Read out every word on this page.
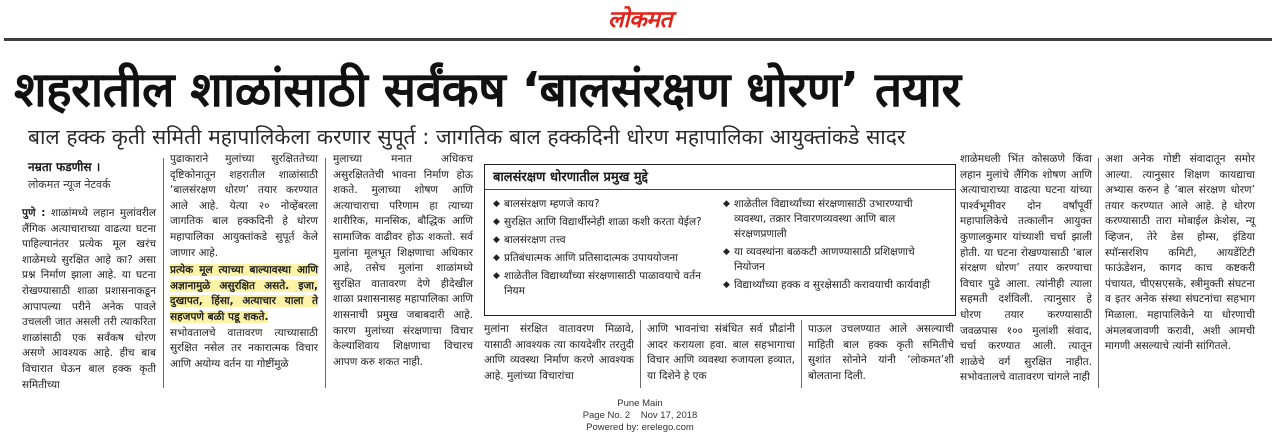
लोकमत
शहरातील शाळांसाठी सर्वंकष ‘बालसंरक्षण धोरण’ तयार
बाल हक्क कृती समिती महापालिकेला करणार सुपूर्त : जागतिक बाल हक्कदिनी धोरण महापालिका आयुक्तांकडे सादर
नम्रता फडणीस ।
लोकमत न्यूज नेटवर्क

पुणे : शाळांमध्ये लहान मुलांवरील लैंगिक अत्याचाराच्या वाढत्या घटना पाहिल्यानंतर प्रत्येक मूल खरंच शाळेमध्ये सुरक्षित आहे का? असा प्रश्न निर्माण झाला आहे. या घटना रोखण्यासाठी शाळा प्रशासनाकडून आपापल्या परीने अनेक पावले उचलली जात असली तरी त्याकरिता शाळांसाठी एक सर्वंकष धोरण असणे आवश्यक आहे. हीच बाब विचारात घेऊन बाल हक्क कृती समितीच्या

पुढाकाराने मुलांच्या सुरक्षिततेच्या दृष्टिकोनातून शहरातील शाळांसाठी ‘बालसंरक्षण धोरण’ तयार करण्यात आले आहे. येत्या २० नोव्हेंबरला जागतिक बाल हक्कदिनी हे धोरण महापालिका आयुक्तांकडे सुपूर्त केले जाणार आहे.

प्रत्येक मूल त्याच्या बाल्यावस्था आणि अज्ञानामुळे असुरक्षित असते. इजा, दुखापत, हिंसा, अत्याचार याला ते सहजपणे बळी पडू शकते.

सभोवतालचे वातावरण त्याच्यासाठी सुरक्षित नसेल तर नकारात्मक विचार आणि अयोग्य वर्तन या गोष्टींमुळे

मुलाच्या मनात अधिकच असुरक्षिततेची भावना निर्माण होऊ शकते. मुलाच्या शोषण आणि अत्याचाराचा परिणाम हा त्याच्या शारीरिक, मानसिक, बौद्धिक आणि सामाजिक वाढीवर होऊ शकतो. सर्व मुलांना मूलभूत शिक्षणाचा अधिकार आहे, तसेच मुलांना शाळांमध्ये सुरक्षित वातावरण देणे हीदेखील शाळा प्रशासनासह महापालिका आणि शासनाची प्रमुख जबाबदारी आहे. कारण मुलांच्या संरक्षणाचा विचार केल्याशिवाय शिक्षणाचा विचारच आपण करु शकत नाही.

बालसंरक्षण धोरणातील प्रमुख मुद्दे
◆ बालसंरक्षण म्हणजे काय?
◆ सुरक्षित आणि विद्यार्थीस्नेही शाळा कशी करता येईल?
◆ बालसंरक्षण तत्त्व
◆ प्रतिबंधात्मक आणि प्रतिसादात्मक उपाययोजना
◆ शाळेतील विद्यार्थ्यांच्या संरक्षणासाठी पाळावयाचे वर्तन नियम
◆ शाळेतील विद्यार्थ्यांच्या संरक्षणासाठी उभारण्याची व्यवस्था, तक्रार निवारणव्यवस्था आणि बाल संरक्षणप्रणाली
◆ या व्यवस्थांना बळकटी आणण्यासाठी प्रशिक्षणाचे नियोजन
◆ विद्यार्थ्यांच्या हक्क व सुरक्षेसाठी करावयाची कार्यवाही

मुलांना संरक्षित वातावरण मिळावे, यासाठी आवश्यक त्या कायदेशीर तरतुदी आणि व्यवस्था निर्माण करणे आवश्यक आहे. मुलांच्या विचारांचा

आणि भावनांचा संबंधित सर्व प्रौढांनी आदर करायला हवा. बाल सहभागाचा विचार आणि व्यवस्था रुजायला हव्यात, या दिशेने हे एक

पाऊल उचलण्यात आले असल्याची माहिती बाल हक्क कृती समितीचे सुशांत सोनोने यांनी ‘लोकमत’शी बोलताना दिली.

शाळेमधली भिंत कोसळणे किंवा लहान मुलांचे लैंगिक शोषण आणि अत्याचाराच्या वाढत्या घटना यांच्या पार्श्वभूमीवर दोन वर्षांपूर्वी महापालिकेचे तत्कालीन आयुक्त कुणालकुमार यांच्याशी चर्चा झाली होती. या घटना रोखण्यासाठी ‘बाल संरक्षण धोरण’ तयार करण्याचा विचार पुढे आला. त्यांनीही त्याला सहमती दर्शविली. त्यानुसार हे धोरण तयार करण्यासाठी जवळपास १०० मुलांशी संवाद, चर्चा करण्यात आली. त्यातून शाळेचे वर्ग सुरक्षित नाहीत. सभोवतालचे वातावरण चांगले नाही

अशा अनेक गोष्टी संवादातून समोर आल्या. त्यानुसार शिक्षण कायद्याचा अभ्यास करुन हे ‘बाल संरक्षण धोरण’ तयार करण्यात आले आहे. हे धोरण करण्यासाठी तारा मोबाईल क्रेशेस, न्यू व्हिजन, तेरे डेस होम्स, इंडिया स्पॉन्सरशिप कमिटी, आयडेंटिटी फाऊंडेशन, कागद काच कष्टकरी पंचायत, चीएसएसके, स्त्रीमुक्ती संघटना व इतर अनेक संस्था संघटनांचा सहभाग मिळाला. महापालिकेने या धोरणाची अंमलबजावणी करावी, अशी आमची मागणी असल्याचे त्यांनी सांगितले.

Pune Main
Page No. 2    Nov 17, 2018
Powered by: erelego.com
